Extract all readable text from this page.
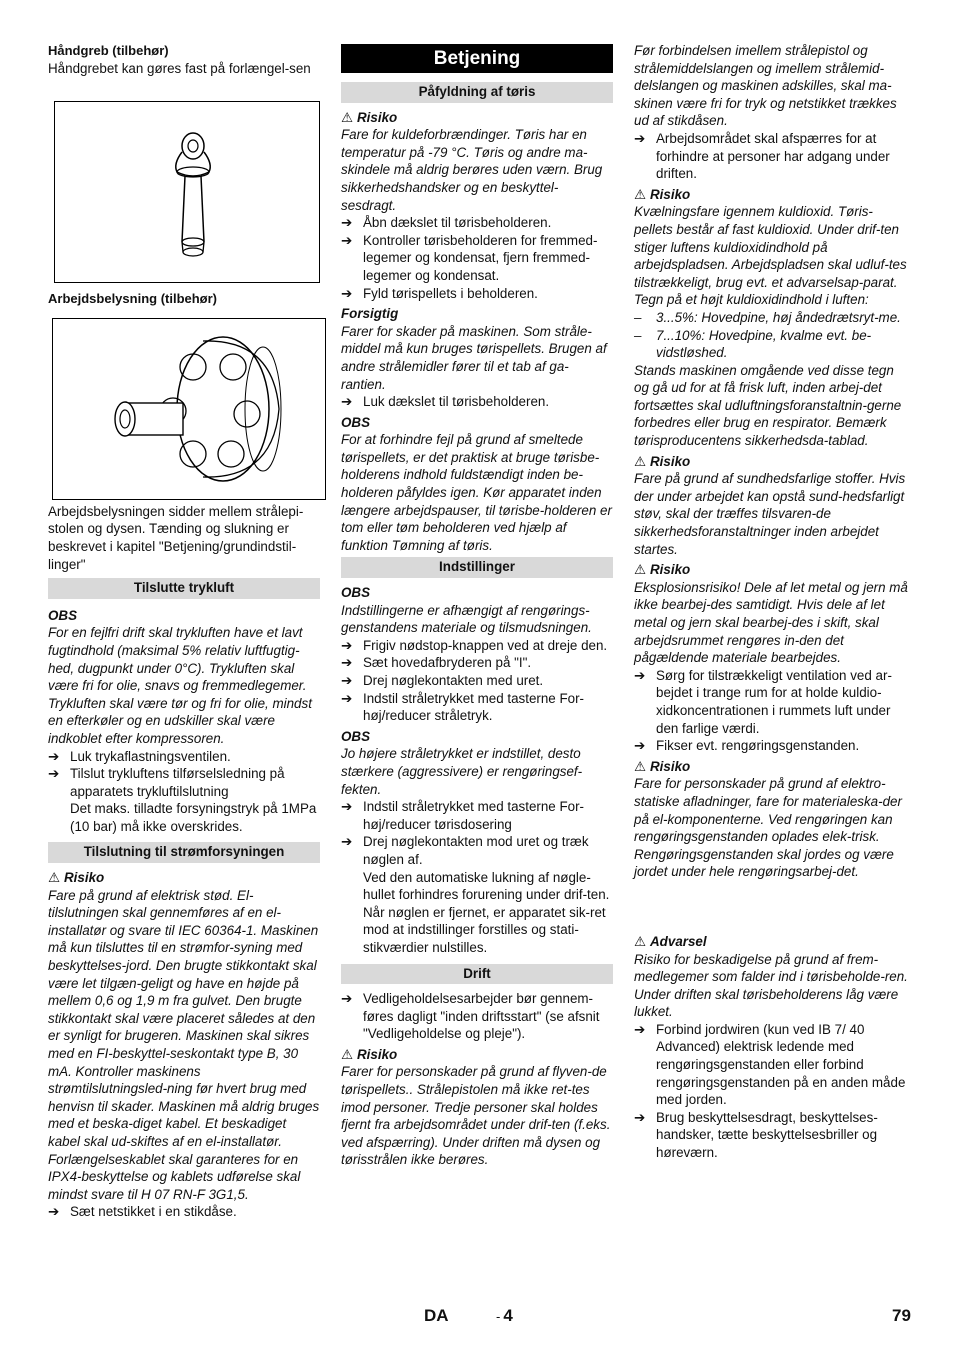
Håndgreb (tilbehør)

Håndgrebet kan gøres fast på forlængel-sen

Arbejdsbelysning (tilbehør)

Arbejdsbelysningen sidder mellem strålepi-stolen og dysen. Tænding og slukning er beskrevet i kapitel "Betjening/grundindstil-linger"

Tilslutte trykluft

OBS

For en fejlfri drift skal trykluften have et lavt fugtindhold (maksimal 5% relativ luftfugtig-hed, dugpunkt under 0°C). Trykluften skal være fri for olie, snavs og fremmedlegemer. Trykluften skal være tør og fri for olie, mindst en efterkøler og en udskiller skal være indkoblet efter kompressoren.

➔ Luk trykaflastningsventilen.
➔ Tilslut trykluftens tilførselsledning på apparatets trykluftilslutning

Det maks. tilladte forsyningstryk på 1MPa (10 bar) må ikke overskrides.

Tilslutning til strømforsyningen

⚠ Risiko

Fare på grund af elektrisk stød. El-tilslutningen skal gennemføres af en el-installatør og svare til IEC 60364-1. Maskinen må kun tilsluttes til en strømfor-syning med beskyttelses-jord. Den brugte stikkontakt skal være let tilgæn-geligt og have en højde på mellem 0,6 og 1,9 m fra gulvet. Den brugte stikkontakt skal være placeret således at den er synligt for brugeren. Maskinen skal sikres med en FI-beskyttel-seskontakt type B, 30 mA. Kontroller maskinens strømtilslutningsled-ning før hvert brug med henvisn til skader. Maskinen må aldrig bruges med et beska-diget kabel. Et beskadiget kabel skal ud-skiftes af en el-installatør. Forlængelseskablet skal garanteres for en IPX4-beskyttelse og kablets udførelse skal mindst svare til H 07 RN-F 3G1,5.

➔ Sæt netstikket i en stikdåse.
Betjening
Påfyldning af tøris

⚠ Risiko

Fare for kuldeforbrændinger. Tøris har en temperatur på -79 °C. Tøris og andre ma-skindele må aldrig berøres uden værn. Brug sikkerhedshandsker og en beskyttel-sesdragt.

➔ Åbn dækslet til tørisbeholderen.
➔ Kontroller tørisbeholderen for fremmed-legemer og kondensat, fjern fremmed-legemer og kondensat.
➔ Fyld tørispellets i beholderen.

Forsigtig

Farer for skader på maskinen. Som stråle-middel må kun bruges tørispellets. Brugen af andre strålemidler fører til et tab af ga-rantien.

➔ Luk dækslet til tørisbeholderen.

OBS

For at forhindre fejl på grund af smeltede tørispellets, er det praktisk at bruge tørisbe-holderens indhold fuldstændigt inden be-holderen påfyldes igen. Kør apparatet inden længere arbejdspauser, til tørisbe-holderen er tom eller tøm beholderen ved hjælp af funktion Tømning af tøris.

Indstillinger

OBS

Indstillingerne er afhængigt af rengørings-genstandens materiale og tilsmudsningen.

➔ Frigiv nødstop-knappen ved at dreje den.
➔ Sæt hovedafbryderen på "I".
➔ Drej nøglekontakten med uret.
➔ Indstil stråletrykket med tasterne For-høj/reducer stråletryk.

OBS

Jo højere stråletrykket er indstillet, desto stærkere (aggressivere) er rengøringsef-fekten.

➔ Indstil stråletrykket med tasterne For-høj/reducer tørisdosering
➔ Drej nøglekontakten mod uret og træk nøglen af.

Ved den automatiske lukning af nøgle-hullet forhindres forurening under drif-ten.

Når nøglen er fjernet, er apparatet sik-ret mod at indstillinger forstilles og stati-stikværdier nulstilles.

Drift
➔ Vedligeholdelsesarbejder bør gennem-føres dagligt "inden driftsstart" (se afsnit "Vedligeholdelse og pleje").

⚠ Risiko

Farer for personskader på grund af flyven-de tørispellets.. Strålepistolen må ikke ret-tes imod personer. Tredje personer skal holdes fjernt fra arbejdsområdet under drif-ten (f.eks. ved afspærring). Under driften må dysen og tørisstrålen ikke berøres.

Før forbindelsen imellem strålepistol og strålemiddelslangen og imellem strålemid-delslangen og maskinen adskilles, skal ma-skinen være fri for tryk og netstikket trækkes ud af stikdåsen.

➔ Arbejdsområdet skal afspærres for at forhindre at personer har adgang under driften.

⚠ Risiko

Kvælningsfare igennem kuldioxid. Tøris-pellets består af fast kuldioxid. Under drif-ten stiger luftens kuldioxidindhold på arbejdspladsen. Arbejdspladsen skal udluf-tes tilstrækkeligt, brug evt. et advarselsap-parat. Tegn på et højt kuldioxidindhold i luften:

– 3...5%: Hovedpine, høj åndedrætsryt-me.
– 7...10%: Hovedpine, kvalme evt. be-vidstløshed.

Stands maskinen omgående ved disse tegn og gå ud for at få frisk luft, inden arbej-det fortsættes skal udluftningsforanstaltnin-gerne forbedres eller brug en respirator. Bemærk tørisproducentens sikkerhedsda-tablad.

⚠ Risiko

Fare på grund af sundhedsfarlige stoffer. Hvis der under arbejdet kan opstå sund-hedsfarligt støv, skal der træffes tilsvaren-de sikkerhedsforanstaltninger inden arbejdet startes.

⚠ Risiko

Eksplosionsrisiko! Dele af let metal og jern må ikke bearbej-des samtidigt. Hvis dele af let metal og jern skal bearbej-des i skift, skal arbejdsrummet rengøres in-den det pågældende materiale bearbejdes.

➔ Sørg for tilstrækkeligt ventilation ved ar-bejdet i trange rum for at holde kuldio-xidkoncentrationen i rummets luft under den farlige værdi.
➔ Fikser evt. rengøringsgenstanden.

⚠ Risiko

Fare for personskader på grund af elektro-statiske afladninger, fare for materialeska-der på el-komponenterne. Ved rengøringen kan rengøringsgenstanden oplades elek-trisk. Rengøringsgenstanden skal jordes og være jordet under hele rengøringsarbej-det.

⚠ Advarsel

Risiko for beskadigelse på grund af frem-medlegemer som falder ind i tørisbeholde-ren. Under driften skal tørisbeholderens låg være lukket.

➔ Forbind jordwiren (kun ved IB 7/ 40 Advanced) elektrisk ledende med rengøringsgenstanden eller forbind rengøringsgenstanden på en anden måde med jorden.
➔ Brug beskyttelsesdragt, beskyttelses-handsker, tætte beskyttelsesbriller og høreværn.
DA	- 4	79
